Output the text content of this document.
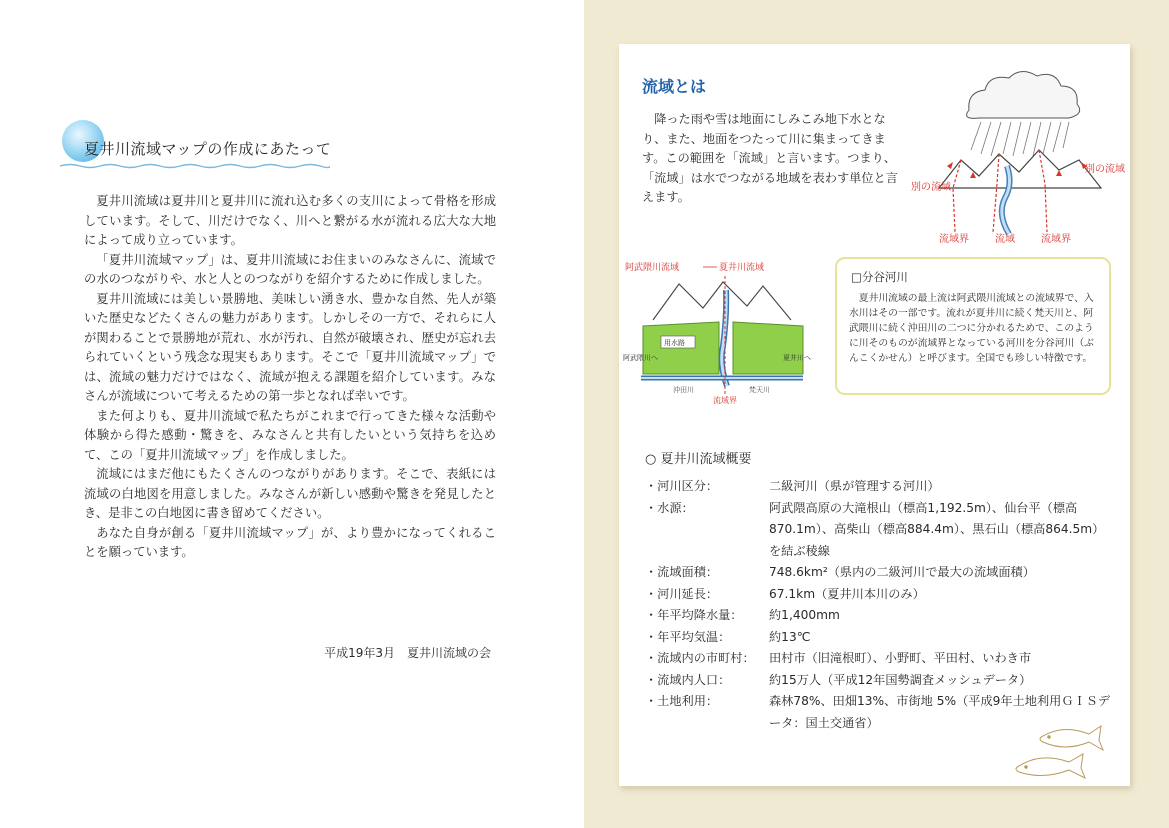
夏井川流域マップの作成にあたって

夏井川流域は夏井川と夏井川に流れ込む多くの支川によって骨格を形成しています。そして、川だけでなく、川へと繋がる水が流れる広大な大地によって成り立っています。

「夏井川流域マップ」は、夏井川流域にお住まいのみなさんに、流域での水のつながりや、水と人とのつながりを紹介するために作成しました。

夏井川流域には美しい景勝地、美味しい湧き水、豊かな自然、先人が築いた歴史などたくさんの魅力があります。しかしその一方で、それらに人が関わることで景勝地が荒れ、水が汚れ、自然が破壊され、歴史が忘れ去られていくという残念な現実もあります。そこで「夏井川流域マップ」では、流域の魅力だけではなく、流域が抱える課題を紹介しています。みなさんが流域について考えるための第一歩となれば幸いです。

また何よりも、夏井川流域で私たちがこれまで行ってきた様々な活動や体験から得た感動・驚きを、みなさんと共有したいという気持ちを込めて、この「夏井川流域マップ」を作成しました。

流域にはまだ他にもたくさんのつながりがあります。そこで、表紙には流域の白地図を用意しました。みなさんが新しい感動や驚きを発見したとき、是非この白地図に書き留めてください。

あなた自身が創る「夏井川流域マップ」が、より豊かになってくれることを願っています。

平成19年3月　夏井川流域の会
流域とは

降った雨や雪は地面にしみこみ地下水となり、また、地面をつたって川に集まってきます。この範囲を「流域」と言います。つまり、「流域」は水でつながる地域を表わす単位と言えます。

別の流域
別の流域
流域界	流域	流域界
阿武隈川流域	夏井川流域
用水路
沖田川	梵天川
流域界
阿武隈川へ	夏井川へ
□分谷河川

夏井川流域の最上流は阿武隈川流域との流域界で、入水川はその一部です。流れが夏井川に続く梵天川と、阿武隈川に続く沖田川の二つに分かれるためで、このように川そのものが流域界となっている河川を分谷河川（ぶんこくかせん）と呼びます。全国でも珍しい特徴です。

○ 夏井川流域概要
・河川区分：	二級河川（県が管理する河川）
・水源：	阿武隈高原の大滝根山（標高1,192.5m）、仙台平（標高870.1m）、高柴山（標高884.4m）、黒石山（標高864.5m）を結ぶ稜線
・流域面積：	748.6km²（県内の二級河川で最大の流域面積）
・河川延長：	67.1km（夏井川本川のみ）
・年平均降水量：	約1,400mm
・年平均気温：	約13℃
・流域内の市町村：	田村市（旧滝根町）、小野町、平田村、いわき市
・流域内人口：	約15万人（平成12年国勢調査メッシュデータ）
・土地利用：	森林78%、田畑13%、市街地 5%（平成9年土地利用ＧＩＳデータ：国土交通省）
